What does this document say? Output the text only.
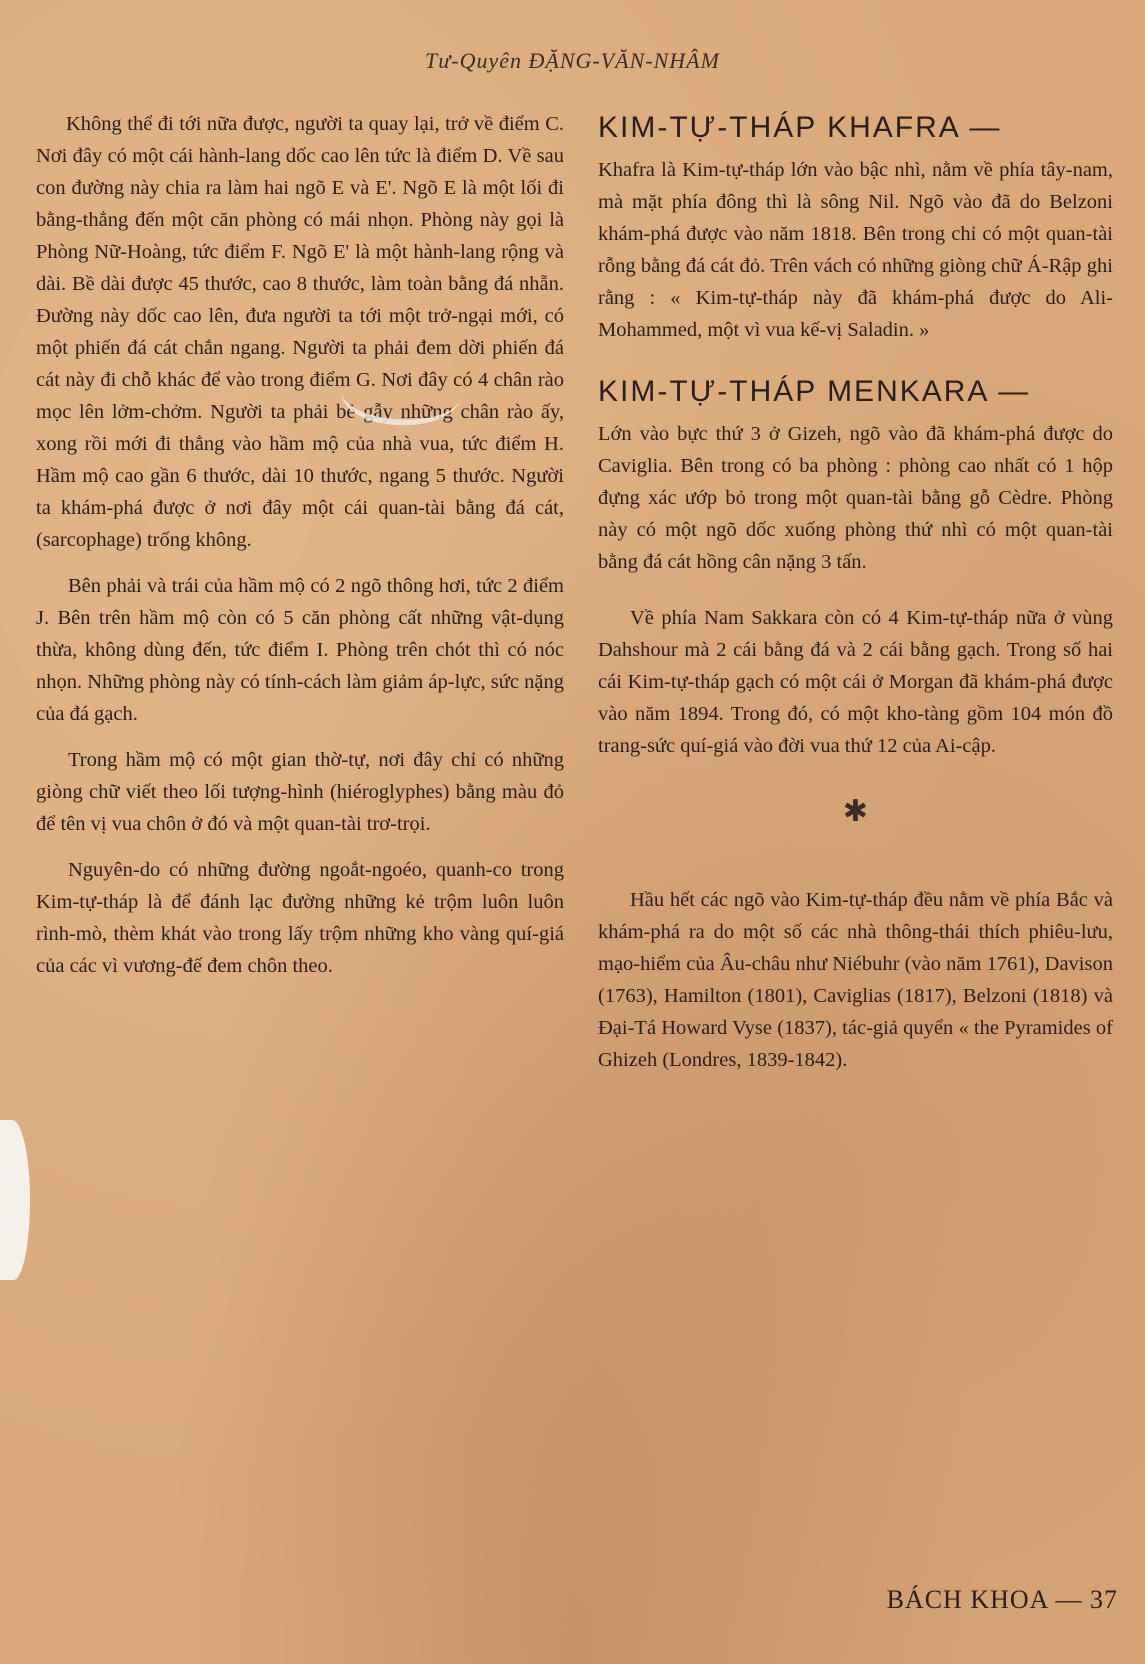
Tư-Quyên ĐẶNG-VĂN-NHÂM

Không thể đi tới nữa được, người ta quay lại, trở về điểm C. Nơi đây có một cái hành-lang dốc cao lên tức là điểm D. Về sau con đường này chia ra làm hai ngõ E và E'. Ngõ E là một lối đi bằng-thẳng đến một căn phòng có mái nhọn. Phòng này gọi là Phòng Nữ-Hoàng, tức điểm F. Ngõ E' là một hành-lang rộng và dài. Bề dài được 45 thước, cao 8 thước, làm toàn bằng đá nhẵn. Đường này dốc cao lên, đưa người ta tới một trở-ngại mới, có một phiến đá cát chắn ngang. Người ta phải đem dời phiến đá cát này đi chỗ khác để vào trong điểm G. Nơi đây có 4 chân rào mọc lên lởm-chởm. Người ta phải bẻ gẫy những chân rào ấy, xong rồi mới đi thẳng vào hầm mộ của nhà vua, tức điểm H. Hầm mộ cao gần 6 thước, dài 10 thước, ngang 5 thước. Người ta khám-phá được ở nơi đây một cái quan-tài bằng đá cát, (sarcophage) trống không.

Bên phải và trái của hầm mộ có 2 ngõ thông hơi, tức 2 điểm J. Bên trên hầm mộ còn có 5 căn phòng cất những vật-dụng thừa, không dùng đến, tức điểm I. Phòng trên chót thì có nóc nhọn. Những phòng này có tính-cách làm giảm áp-lực, sức nặng của đá gạch.

Trong hầm mộ có một gian thờ-tự, nơi đây chỉ có những giòng chữ viết theo lối tượng-hình (hiéroglyphes) bằng màu đỏ để tên vị vua chôn ở đó và một quan-tài trơ-trọi.

Nguyên-do có những đường ngoắt-ngoéo, quanh-co trong Kim-tự-tháp là để đánh lạc đường những kẻ trộm luôn luôn rình-mò, thèm khát vào trong lấy trộm những kho vàng quí-giá của các vì vương-đế đem chôn theo.

KIM-TỰ-THÁP KHAFRA —

Khafra là Kim-tự-tháp lớn vào bậc nhì, nằm về phía tây-nam, mà mặt phía đông thì là sông Nil. Ngõ vào đã do Belzoni khám-phá được vào năm 1818. Bên trong chỉ có một quan-tài rỗng bằng đá cát đỏ. Trên vách có những giòng chữ Á-Rập ghi rằng : « Kim-tự-tháp này đã khám-phá được do Ali-Mohammed, một vì vua kế-vị Saladin. »

KIM-TỰ-THÁP MENKARA —

Lớn vào bực thứ 3 ở Gizeh, ngõ vào đã khám-phá được do Caviglia. Bên trong có ba phòng : phòng cao nhất có 1 hộp đựng xác ướp bỏ trong một quan-tài bằng gỗ Cèdre. Phòng này có một ngõ dốc xuống phòng thứ nhì có một quan-tài bằng đá cát hồng cân nặng 3 tấn.

Về phía Nam Sakkara còn có 4 Kim-tự-tháp nữa ở vùng Dahshour mà 2 cái bằng đá và 2 cái bằng gạch. Trong số hai cái Kim-tự-tháp gạch có một cái ở Morgan đã khám-phá được vào năm 1894. Trong đó, có một kho-tàng gồm 104 món đồ trang-sức quí-giá vào đời vua thứ 12 của Ai-cập.

✱

Hầu hết các ngõ vào Kim-tự-tháp đều nằm về phía Bắc và khám-phá ra do một số các nhà thông-thái thích phiêu-lưu, mạo-hiểm của Âu-châu như Niébuhr (vào năm 1761), Davison (1763), Hamilton (1801), Caviglias (1817), Belzoni (1818) và Đại-Tá Howard Vyse (1837), tác-giả quyển « the Pyramides of Ghizeh (Londres, 1839-1842).

BÁCH KHOA — 37
